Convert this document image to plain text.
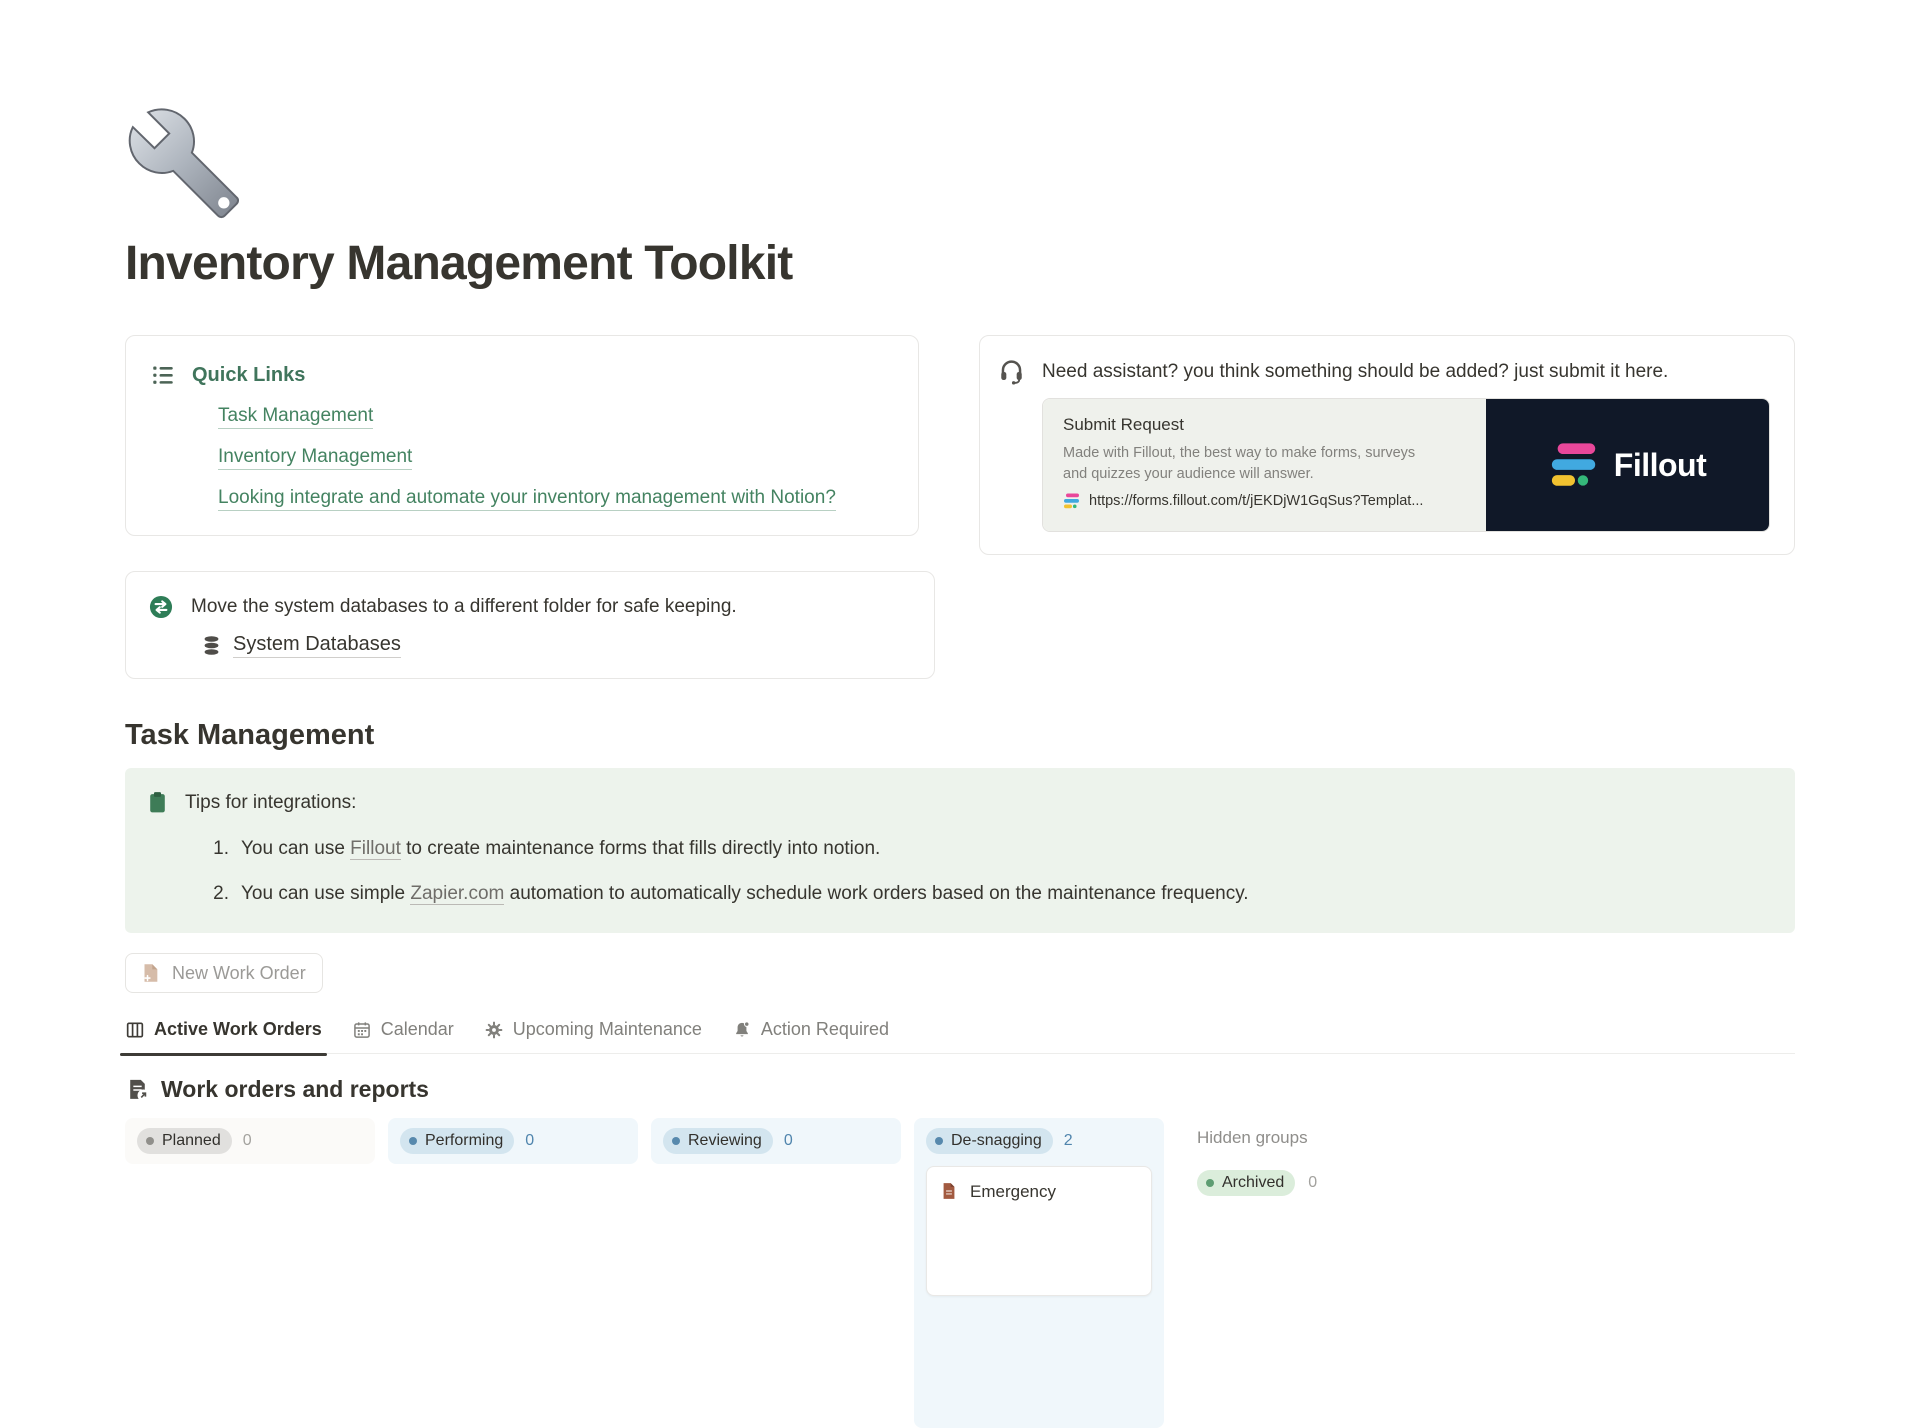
Inventory Management Toolkit
Quick Links
Task Management
Inventory Management
Looking integrate and automate your inventory management with Notion?
Need assistant? you think something should be added? just submit it here.
Submit Request
Made with Fillout, the best way to make forms, surveys and quizzes your audience will answer.
https://forms.fillout.com/t/jEKDjW1GqSus?Templat...
Fillout
Move the system databases to a different folder for safe keeping.
System Databases
Task Management
Tips for integrations:
1. You can use Fillout to create maintenance forms that fills directly into notion.
2. You can use simple Zapier.com automation to automatically schedule work orders based on the maintenance frequency.
New Work Order
Active Work Orders	Calendar	Upcoming Maintenance	Action Required
Work orders and reports
Planned 0	Performing 0	Reviewing 0	De-snagging 2
Emergency
Hidden groups
Archived 0
